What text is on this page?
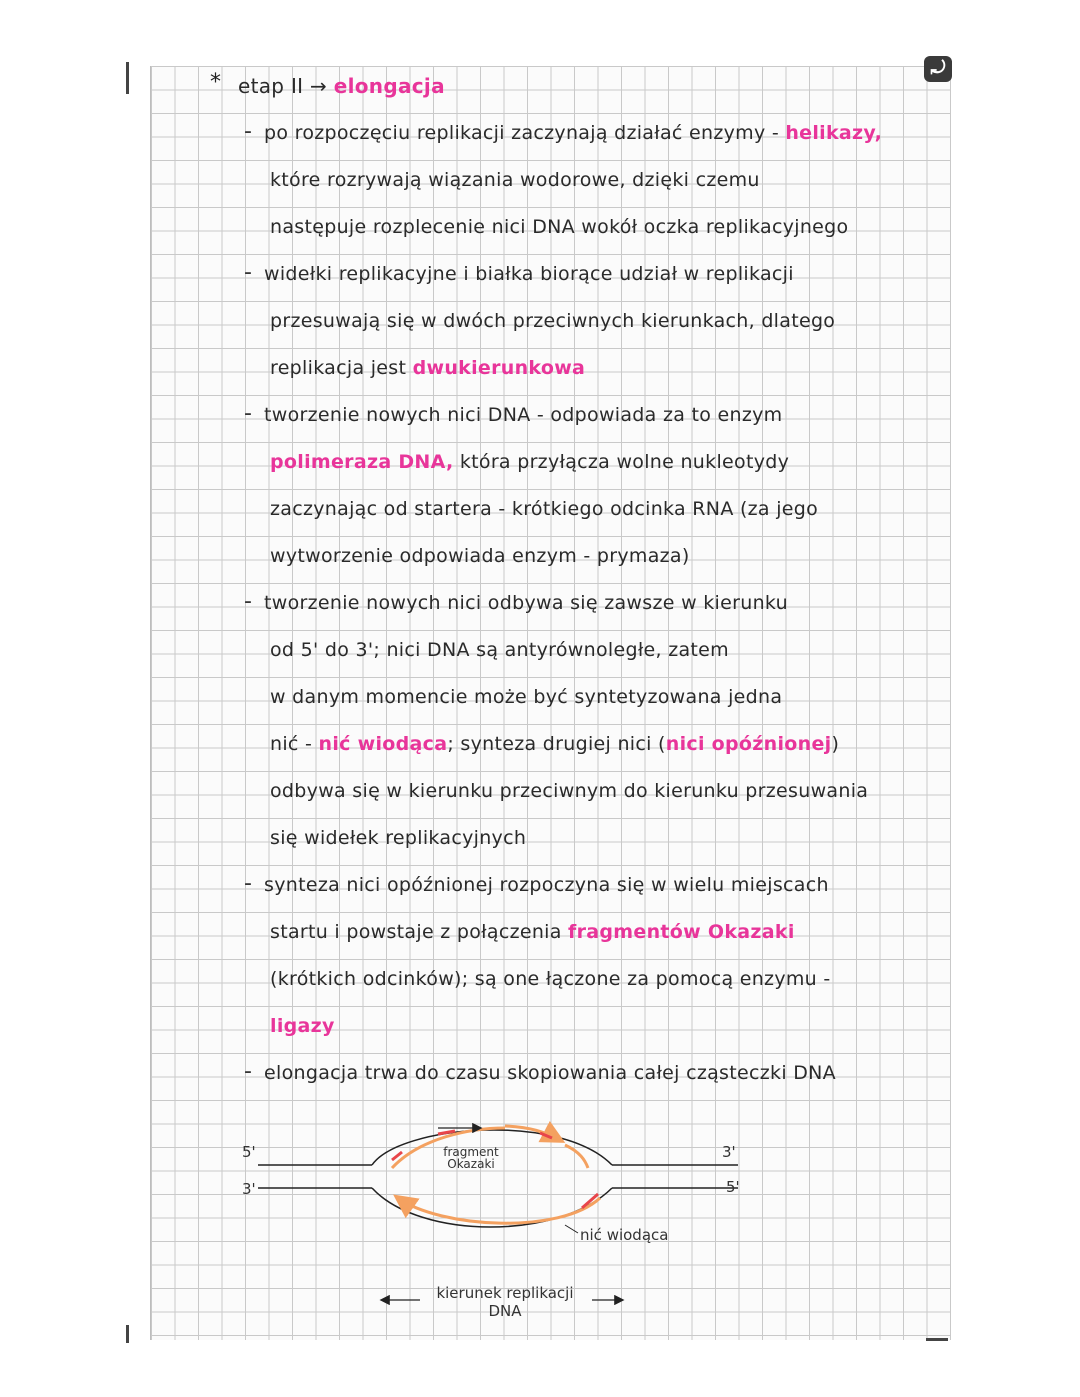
⤾
* etap II → elongacja
- po rozpoczęciu replikacji zaczynają działać enzymy - helikazy,
które rozrywają wiązania wodorowe, dzięki czemu
następuje rozplecenie nici DNA wokół oczka replikacyjnego
- widełki replikacyjne i białka biorące udział w replikacji
przesuwają się w dwóch przeciwnych kierunkach, dlatego
replikacja jest dwukierunkowa
- tworzenie nowych nici DNA - odpowiada za to enzym
polimeraza DNA, która przyłącza wolne nukleotydy
zaczynając od startera - krótkiego odcinka RNA (za jego
wytworzenie odpowiada enzym - prymaza)
- tworzenie nowych nici odbywa się zawsze w kierunku
od 5' do 3'; nici DNA są antyrównoległe, zatem
w danym momencie może być syntetyzowana jedna
nić - nić wiodąca; synteza drugiej nici (nici opóźnionej)
odbywa się w kierunku przeciwnym do kierunku przesuwania
się widełek replikacyjnych
- synteza nici opóźnionej rozpoczyna się w wielu miejscach
startu i powstaje z połączenia fragmentów Okazaki
(krótkich odcinków); są one łączone za pomocą enzymu -
ligazy
- elongacja trwa do czasu skopiowania całej cząsteczki DNA
5'
3'
3'
5'
fragment
Okazaki
nić wiodąca
kierunek replikacji
DNA
